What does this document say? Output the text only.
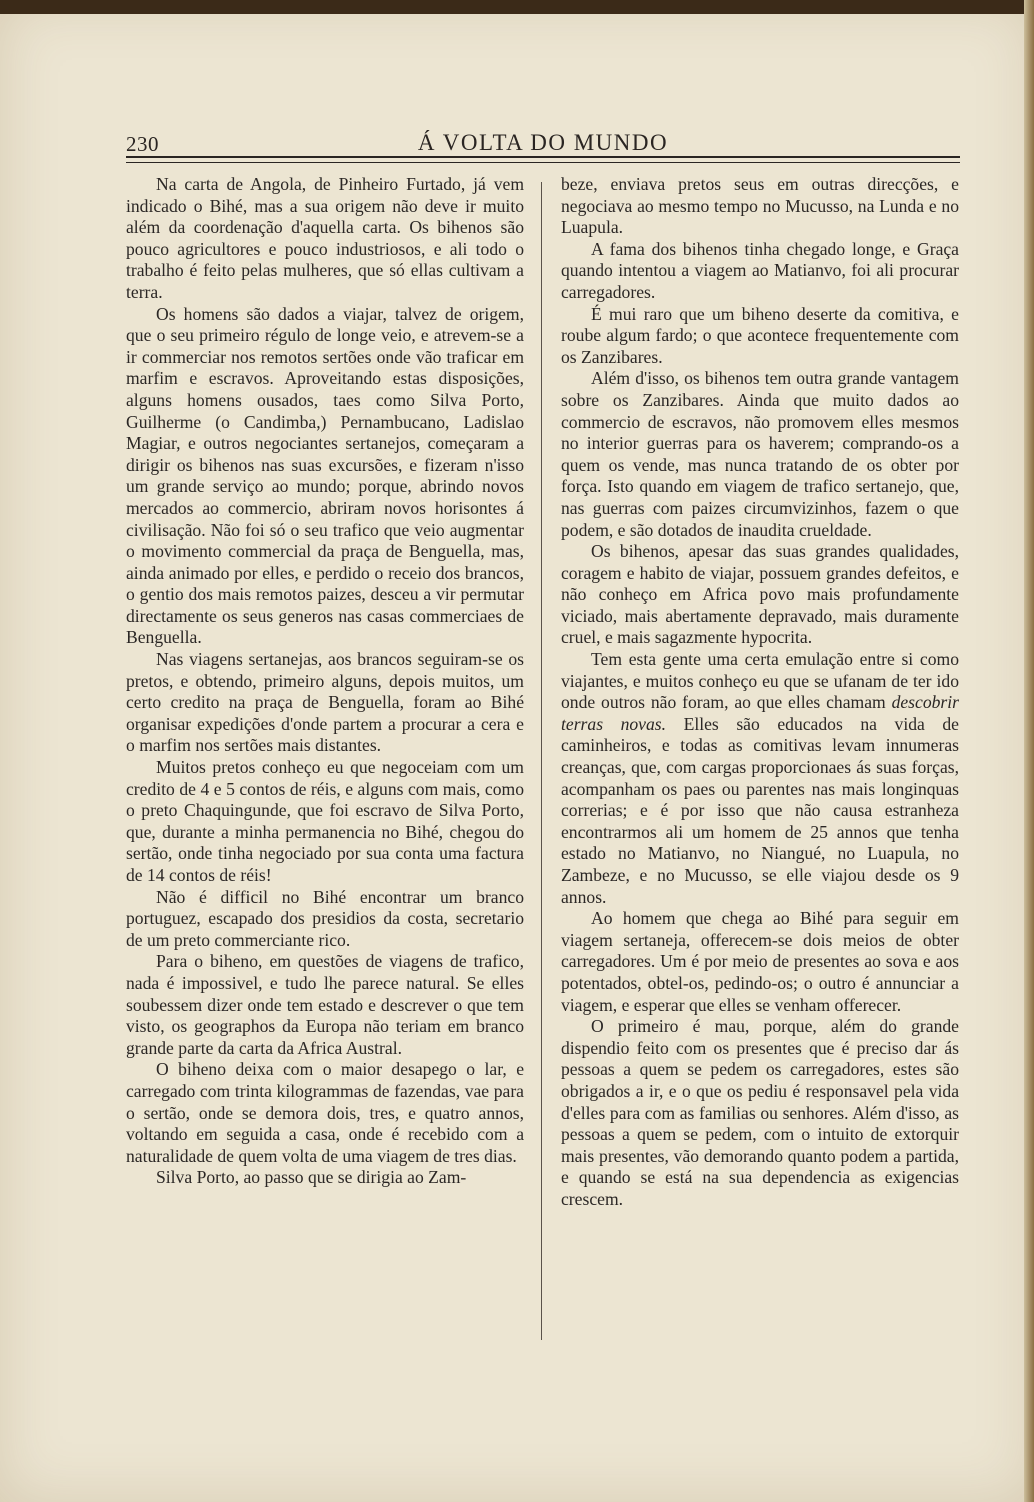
230	Á VOLTA DO MUNDO

Na carta de Angola, de Pinheiro Furtado, já vem indicado o Bihé, mas a sua origem não deve ir muito além da coordenação d'aquella carta. Os bihenos são pouco agricultores e pouco industriosos, e ali todo o trabalho é feito pelas mulheres, que só ellas cultivam a terra.

Os homens são dados a viajar, talvez de origem, que o seu primeiro régulo de longe veio, e atrevem-se a ir commerciar nos remotos sertões onde vão traficar em marfim e escravos. Aproveitando estas disposições, alguns homens ousados, taes como Silva Porto, Guilherme (o Candimba,) Pernambucano, Ladislao Magiar, e outros negociantes sertanejos, começaram a dirigir os bihenos nas suas excursões, e fizeram n'isso um grande serviço ao mundo; porque, abrindo novos mercados ao commercio, abriram novos horisontes á civilisação. Não foi só o seu trafico que veio augmentar o movimento commercial da praça de Benguella, mas, ainda animado por elles, e perdido o receio dos brancos, o gentio dos mais remotos paizes, desceu a vir permutar directamente os seus generos nas casas commerciaes de Benguella.

Nas viagens sertanejas, aos brancos seguiram-se os pretos, e obtendo, primeiro alguns, depois muitos, um certo credito na praça de Benguella, foram ao Bihé organisar expedições d'onde partem a procurar a cera e o marfim nos sertões mais distantes.

Muitos pretos conheço eu que negoceiam com um credito de 4 e 5 contos de réis, e alguns com mais, como o preto Chaquingunde, que foi escravo de Silva Porto, que, durante a minha permanencia no Bihé, chegou do sertão, onde tinha negociado por sua conta uma factura de 14 contos de réis!

Não é difficil no Bihé encontrar um branco portuguez, escapado dos presidios da costa, secretario de um preto commerciante rico.

Para o biheno, em questões de viagens de trafico, nada é impossivel, e tudo lhe parece natural. Se elles soubessem dizer onde tem estado e descrever o que tem visto, os geographos da Europa não teriam em branco grande parte da carta da Africa Austral.

O biheno deixa com o maior desapego o lar, e carregado com trinta kilogrammas de fazendas, vae para o sertão, onde se demora dois, tres, e quatro annos, voltando em seguida a casa, onde é recebido com a naturalidade de quem volta de uma viagem de tres dias.

Silva Porto, ao passo que se dirigia ao Zam-

beze, enviava pretos seus em outras direcções, e negociava ao mesmo tempo no Mucusso, na Lunda e no Luapula.

A fama dos bihenos tinha chegado longe, e Graça quando intentou a viagem ao Matianvo, foi ali procurar carregadores.

É mui raro que um biheno deserte da comitiva, e roube algum fardo; o que acontece frequentemente com os Zanzibares.

Além d'isso, os bihenos tem outra grande vantagem sobre os Zanzibares. Ainda que muito dados ao commercio de escravos, não promovem elles mesmos no interior guerras para os haverem; comprando-os a quem os vende, mas nunca tratando de os obter por força. Isto quando em viagem de trafico sertanejo, que, nas guerras com paizes circumvizinhos, fazem o que podem, e são dotados de inaudita crueldade.

Os bihenos, apesar das suas grandes qualidades, coragem e habito de viajar, possuem grandes defeitos, e não conheço em Africa povo mais profundamente viciado, mais abertamente depravado, mais duramente cruel, e mais sagazmente hypocrita.

Tem esta gente uma certa emulação entre si como viajantes, e muitos conheço eu que se ufanam de ter ido onde outros não foram, ao que elles chamam descobrir terras novas. Elles são educados na vida de caminheiros, e todas as comitivas levam innumeras creanças, que, com cargas proporcionaes ás suas forças, acompanham os paes ou parentes nas mais longinquas correrias; e é por isso que não causa estranheza encontrarmos ali um homem de 25 annos que tenha estado no Matianvo, no Niangué, no Luapula, no Zambeze, e no Mucusso, se elle viajou desde os 9 annos.

Ao homem que chega ao Bihé para seguir em viagem sertaneja, offerecem-se dois meios de obter carregadores. Um é por meio de presentes ao sova e aos potentados, obtel-os, pedindo-os; o outro é annunciar a viagem, e esperar que elles se venham offerecer.

O primeiro é mau, porque, além do grande dispendio feito com os presentes que é preciso dar ás pessoas a quem se pedem os carregadores, estes são obrigados a ir, e o que os pediu é responsavel pela vida d'elles para com as familias ou senhores. Além d'isso, as pessoas a quem se pedem, com o intuito de extorquir mais presentes, vão demorando quanto podem a partida, e quando se está na sua dependencia as exigencias crescem.
